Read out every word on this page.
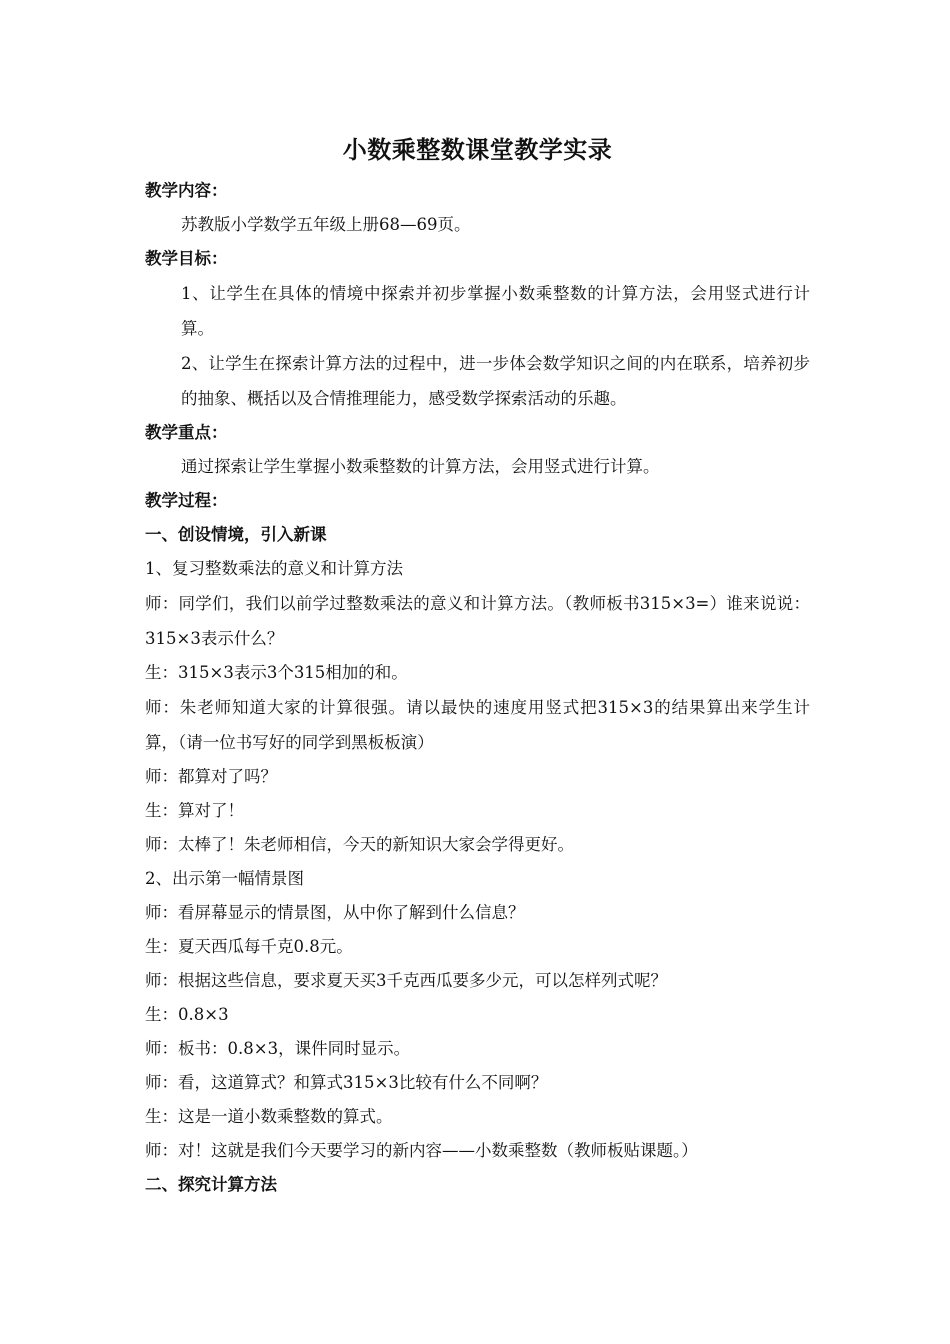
小数乘整数课堂教学实录
教学内容：
苏教版小学数学五年级上册68—69页。
教学目标：
1、让学生在具体的情境中探索并初步掌握小数乘整数的计算方法，会用竖式进行计算。
2、让学生在探索计算方法的过程中，进一步体会数学知识之间的内在联系，培养初步的抽象、概括以及合情推理能力，感受数学探索活动的乐趣。
教学重点：
通过探索让学生掌握小数乘整数的计算方法，会用竖式进行计算。
教学过程：
一、创设情境，引入新课
1、复习整数乘法的意义和计算方法
师：同学们，我们以前学过整数乘法的意义和计算方法。（教师板书315×3=）谁来说说：315×3表示什么？
生：315×3表示3个315相加的和。
师：朱老师知道大家的计算很强。请以最快的速度用竖式把315×3的结果算出来学生计算，（请一位书写好的同学到黑板板演）
师：都算对了吗？
生：算对了！
师：太棒了！朱老师相信，今天的新知识大家会学得更好。
2、出示第一幅情景图
师：看屏幕显示的情景图，从中你了解到什么信息？
生：夏天西瓜每千克0.8元。
师：根据这些信息，要求夏天买3千克西瓜要多少元，可以怎样列式呢？
生：0.8×3
师：板书：0.8×3，课件同时显示。
师：看，这道算式？和算式315×3比较有什么不同啊？
生：这是一道小数乘整数的算式。
师：对！这就是我们今天要学习的新内容——小数乘整数（教师板贴课题。）
二、探究计算方法
